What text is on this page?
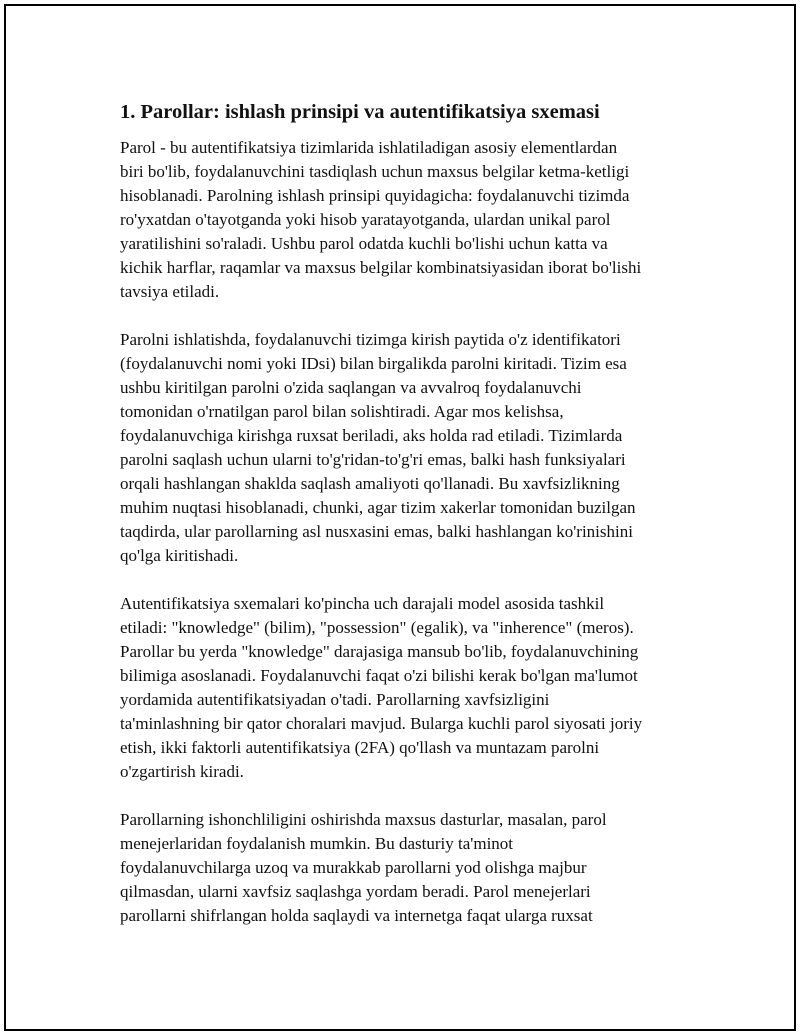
1. Parollar: ishlash prinsipi va autentifikatsiya sxemasi
Parol - bu autentifikatsiya tizimlarida ishlatiladigan asosiy elementlardan
biri bo'lib, foydalanuvchini tasdiqlash uchun maxsus belgilar ketma-ketligi
hisoblanadi. Parolning ishlash prinsipi quyidagicha: foydalanuvchi tizimda
ro'yxatdan o'tayotganda yoki hisob yaratayotganda, ulardan unikal parol
yaratilishini so'raladi. Ushbu parol odatda kuchli bo'lishi uchun katta va
kichik harflar, raqamlar va maxsus belgilar kombinatsiyasidan iborat bo'lishi
tavsiya etiladi.
Parolni ishlatishda, foydalanuvchi tizimga kirish paytida o'z identifikatori
(foydalanuvchi nomi yoki IDsi) bilan birgalikda parolni kiritadi. Tizim esa
ushbu kiritilgan parolni o'zida saqlangan va avvalroq foydalanuvchi
tomonidan o'rnatilgan parol bilan solishtiradi. Agar mos kelishsa,
foydalanuvchiga kirishga ruxsat beriladi, aks holda rad etiladi. Tizimlarda
parolni saqlash uchun ularni to'g'ridan-to'g'ri emas, balki hash funksiyalari
orqali hashlangan shaklda saqlash amaliyoti qo'llanadi. Bu xavfsizlikning
muhim nuqtasi hisoblanadi, chunki, agar tizim xakerlar tomonidan buzilgan
taqdirda, ular parollarning asl nusxasini emas, balki hashlangan ko'rinishini
qo'lga kiritishadi.
Autentifikatsiya sxemalari ko'pincha uch darajali model asosida tashkil
etiladi: "knowledge" (bilim), "possession" (egalik), va "inherence" (meros).
Parollar bu yerda "knowledge" darajasiga mansub bo'lib, foydalanuvchining
bilimiga asoslanadi. Foydalanuvchi faqat o'zi bilishi kerak bo'lgan ma'lumot
yordamida autentifikatsiyadan o'tadi. Parollarning xavfsizligini
ta'minlashning bir qator choralari mavjud. Bularga kuchli parol siyosati joriy
etish, ikki faktorli autentifikatsiya (2FA) qo'llash va muntazam parolni
o'zgartirish kiradi.
Parollarning ishonchliligini oshirishda maxsus dasturlar, masalan, parol
menejerlaridan foydalanish mumkin. Bu dasturiy ta'minot
foydalanuvchilarga uzoq va murakkab parollarni yod olishga majbur
qilmasdan, ularni xavfsiz saqlashga yordam beradi. Parol menejerlari
parollarni shifrlangan holda saqlaydi va internetga faqat ularga ruxsat
